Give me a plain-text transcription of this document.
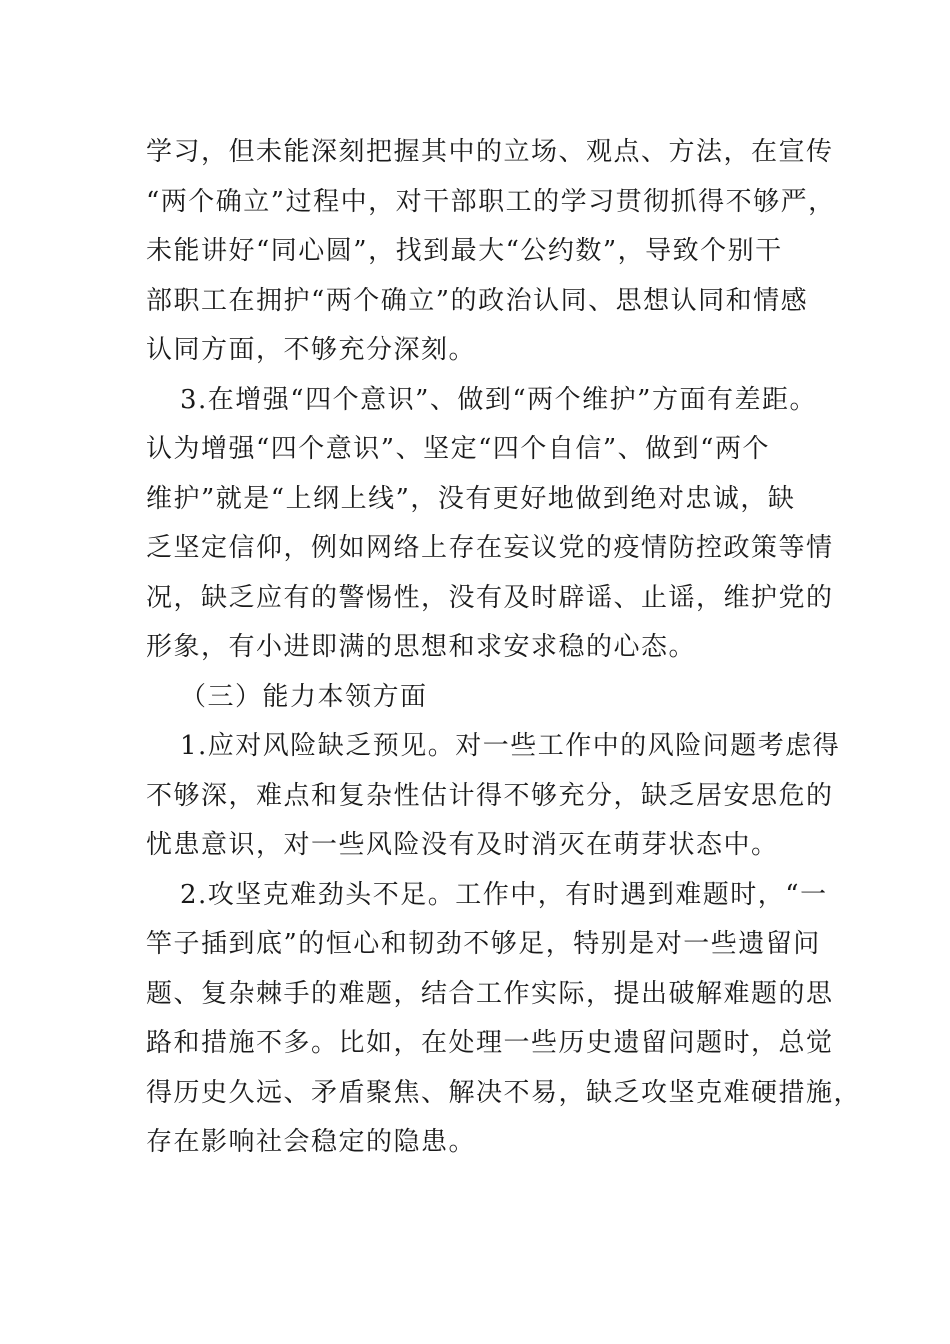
学习，但未能深刻把握其中的立场、观点、方法，在宣传
“两个确立”过程中，对干部职工的学习贯彻抓得不够严，
未能讲好“同心圆”，找到最大“公约数”，导致个别干
部职工在拥护“两个确立”的政治认同、思想认同和情感
认同方面，不够充分深刻。
3.在增强“四个意识”、做到“两个维护”方面有差距。
认为增强“四个意识”、坚定“四个自信”、做到“两个
维护”就是“上纲上线”，没有更好地做到绝对忠诚，缺
乏坚定信仰，例如网络上存在妄议党的疫情防控政策等情
况，缺乏应有的警惕性，没有及时辟谣、止谣，维护党的
形象，有小进即满的思想和求安求稳的心态。
（三）能力本领方面
1.应对风险缺乏预见。对一些工作中的风险问题考虑得
不够深，难点和复杂性估计得不够充分，缺乏居安思危的
忧患意识，对一些风险没有及时消灭在萌芽状态中。
2.攻坚克难劲头不足。工作中，有时遇到难题时，“一
竿子插到底”的恒心和韧劲不够足，特别是对一些遗留问
题、复杂棘手的难题，结合工作实际，提出破解难题的思
路和措施不多。比如，在处理一些历史遗留问题时，总觉
得历史久远、矛盾聚焦、解决不易，缺乏攻坚克难硬措施，
存在影响社会稳定的隐患。
